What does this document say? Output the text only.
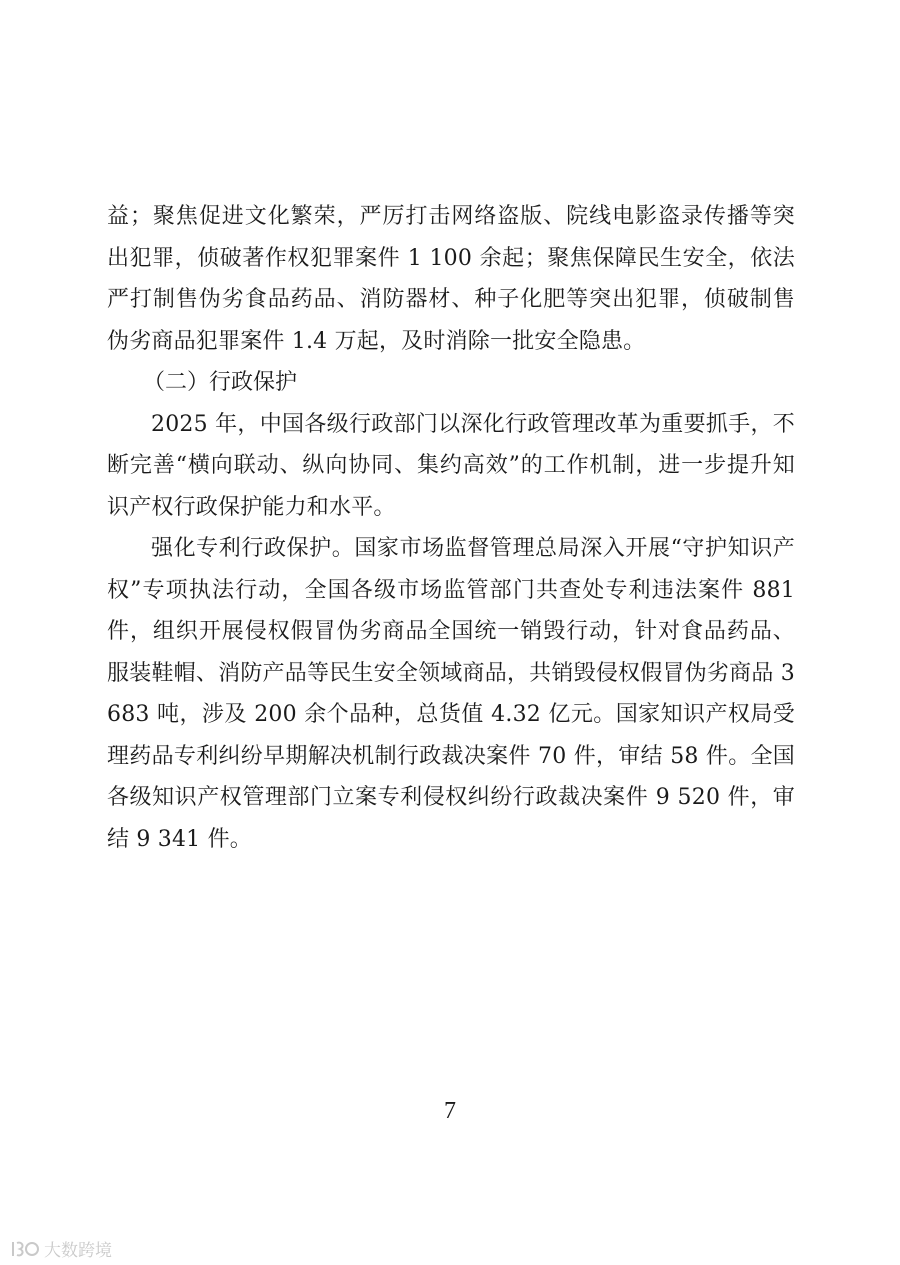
益；聚焦促进文化繁荣，严厉打击网络盗版、院线电影盗录传播等突出犯罪，侦破著作权犯罪案件 1 100 余起；聚焦保障民生安全，依法严打制售伪劣食品药品、消防器材、种子化肥等突出犯罪，侦破制售伪劣商品犯罪案件 1.4 万起，及时消除一批安全隐患。

（二）行政保护

2025 年，中国各级行政部门以深化行政管理改革为重要抓手，不断完善“横向联动、纵向协同、集约高效”的工作机制，进一步提升知识产权行政保护能力和水平。

强化专利行政保护。国家市场监督管理总局深入开展“守护知识产权”专项执法行动，全国各级市场监管部门共查处专利违法案件 881 件，组织开展侵权假冒伪劣商品全国统一销毁行动，针对食品药品、服装鞋帽、消防产品等民生安全领域商品，共销毁侵权假冒伪劣商品 3 683 吨，涉及 200 余个品种，总货值 4.32 亿元。国家知识产权局受理药品专利纠纷早期解决机制行政裁决案件 70 件，审结 58 件。全国各级知识产权管理部门立案专利侵权纠纷行政裁决案件 9 520 件，审结 9 341 件。

7
大数跨境
